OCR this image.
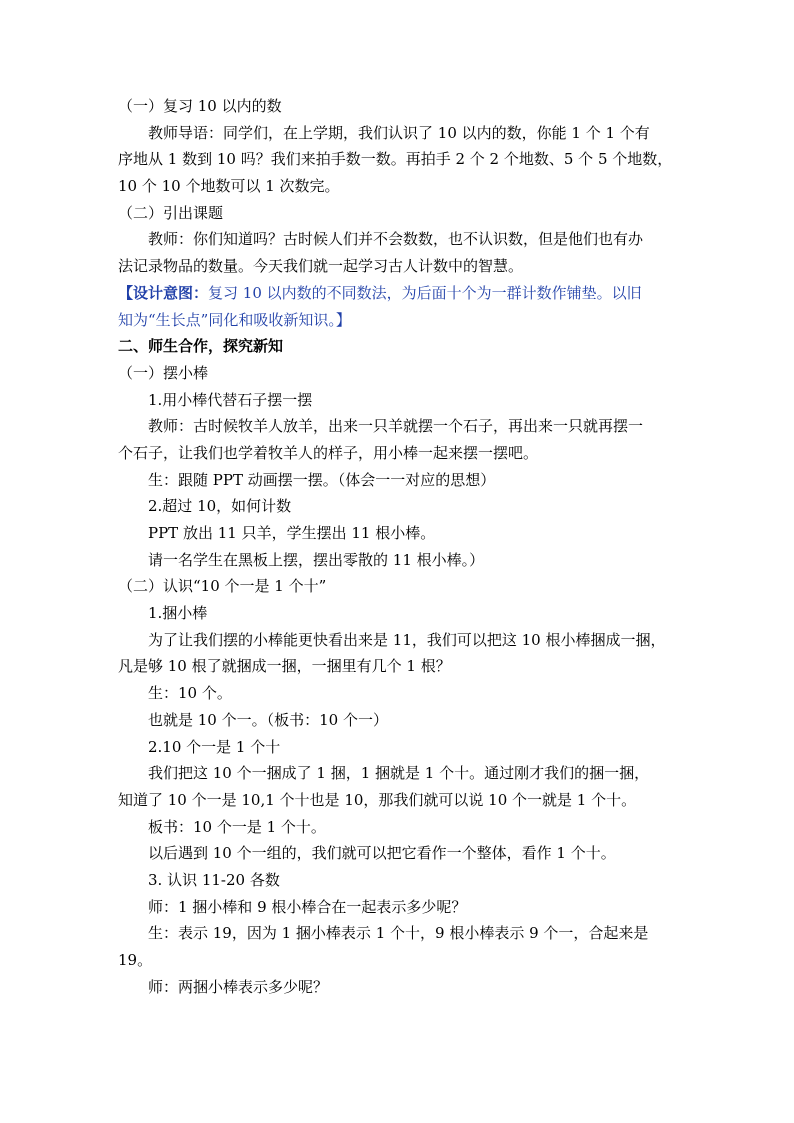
（一）复习 10 以内的数
教师导语：同学们，在上学期，我们认识了 10 以内的数，你能 1 个 1 个有
序地从 1 数到 10 吗？我们来拍手数一数。再拍手 2 个 2 个地数、5 个 5 个地数，
10 个 10 个地数可以 1 次数完。
（二）引出课题
教师：你们知道吗？古时候人们并不会数数，也不认识数，但是他们也有办
法记录物品的数量。今天我们就一起学习古人计数中的智慧。
【设计意图：复习 10 以内数的不同数法，为后面十个为一群计数作铺垫。以旧
知为“生长点”同化和吸收新知识。】
二、师生合作，探究新知
（一）摆小棒
1.用小棒代替石子摆一摆
教师：古时候牧羊人放羊，出来一只羊就摆一个石子，再出来一只就再摆一
个石子，让我们也学着牧羊人的样子，用小棒一起来摆一摆吧。
生：跟随 PPT 动画摆一摆。（体会一一对应的思想）
2.超过 10，如何计数
PPT 放出 11 只羊，学生摆出 11 根小棒。
请一名学生在黑板上摆，摆出零散的 11 根小棒。）
（二）认识“10 个一是 1 个十”
1.捆小棒
为了让我们摆的小棒能更快看出来是 11，我们可以把这 10 根小棒捆成一捆，
凡是够 10 根了就捆成一捆，一捆里有几个 1 根？
生：10 个。
也就是 10 个一。（板书：10 个一）
2.10 个一是 1 个十
我们把这 10 个一捆成了 1 捆，1 捆就是 1 个十。通过刚才我们的捆一捆，
知道了 10 个一是 10,1 个十也是 10，那我们就可以说 10 个一就是 1 个十。
板书：10 个一是 1 个十。
以后遇到 10 个一组的，我们就可以把它看作一个整体，看作 1 个十。
3. 认识 11-20 各数
师：1 捆小棒和 9 根小棒合在一起表示多少呢？
生：表示 19，因为 1 捆小棒表示 1 个十，9 根小棒表示 9 个一，合起来是
19。
师：两捆小棒表示多少呢？
